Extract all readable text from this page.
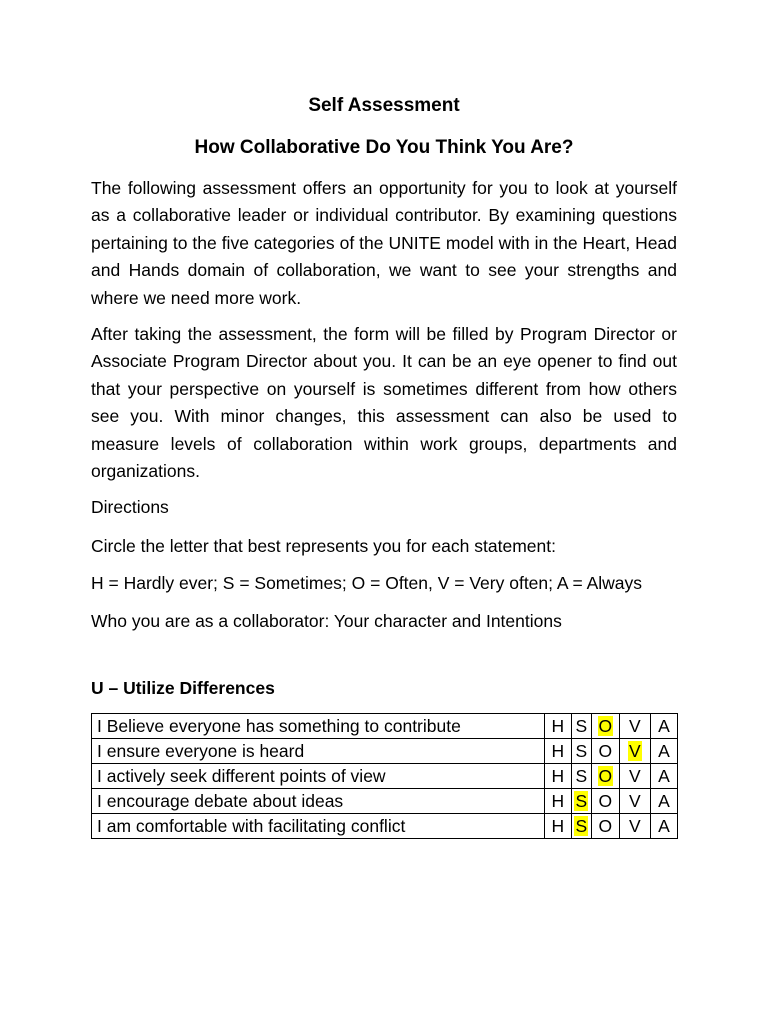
Self Assessment
How Collaborative Do You Think You Are?

The following assessment offers an opportunity for you to look at yourself as a collaborative leader or individual contributor. By examining questions pertaining to the five categories of the UNITE model with in the Heart, Head and Hands domain of collaboration, we want to see your strengths and where we need more work.

After taking the assessment, the form will be filled by Program Director or Associate Program Director about you. It can be an eye opener to find out that your perspective on yourself is sometimes different from how others see you. With minor changes, this assessment can also be used to measure levels of collaboration within work groups, departments and organizations.

Directions

Circle the letter that best represents you for each statement:

H = Hardly ever; S = Sometimes; O = Often, V = Very often; A = Always

Who you are as a collaborator: Your character and Intentions

U – Utilize Differences

I Believe everyone has something to contribute	H	S	O	V	A
I ensure everyone is heard	H	S	O	V	A
I actively seek different points of view	H	S	O	V	A
I encourage debate about ideas	H	S	O	V	A
I am comfortable with facilitating conflict	H	S	O	V	A
